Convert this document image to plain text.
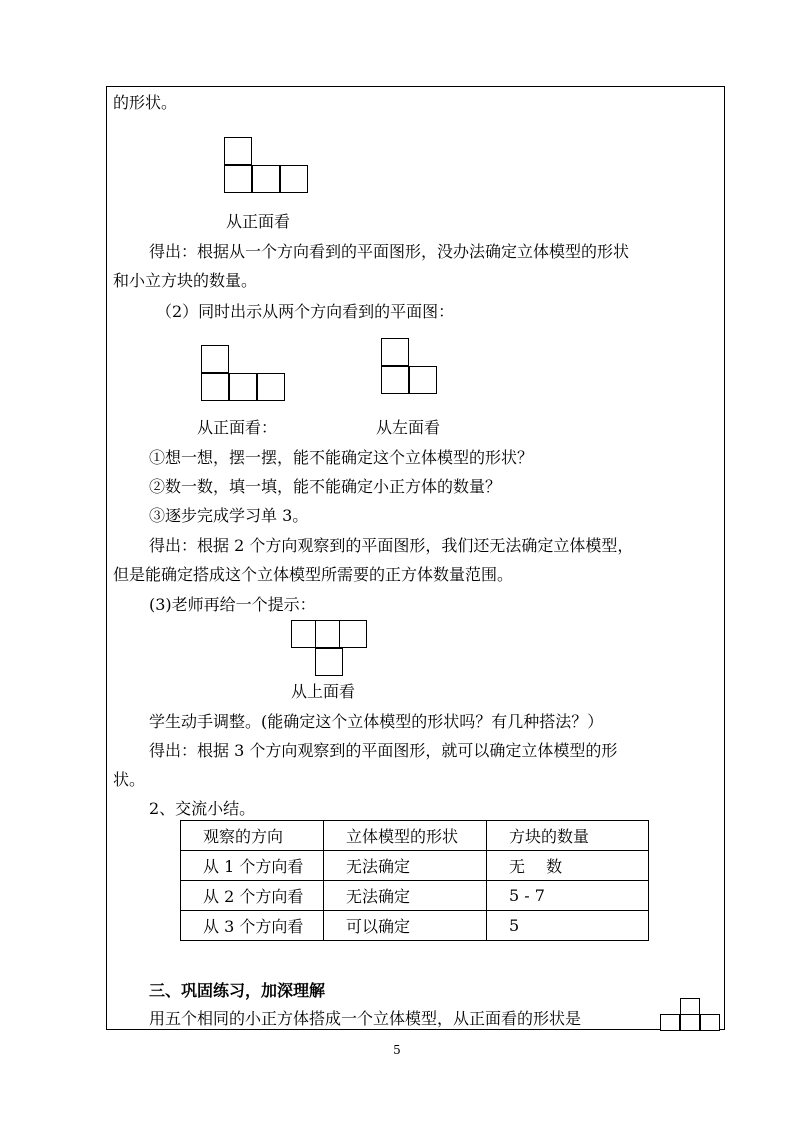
的形状。
从正面看
得出：根据从一个方向看到的平面图形，没办法确定立体模型的形状
和小立方块的数量。
（2）同时出示从两个方向看到的平面图：
从正面看：	从左面看
①想一想，摆一摆，能不能确定这个立体模型的形状？
②数一数，填一填，能不能确定小正方体的数量？
③逐步完成学习单 3。
得出：根据 2 个方向观察到的平面图形，我们还无法确定立体模型，
但是能确定搭成这个立体模型所需要的正方体数量范围。
(3)老师再给一个提示：
从上面看
学生动手调整。(能确定这个立体模型的形状吗？有几种搭法？）
得出：根据 3 个方向观察到的平面图形，就可以确定立体模型的形
状。
2、交流小结。
观察的方向	立体模型的形状	方块的数量
从 1 个方向看	无法确定	无　 数
从 2 个方向看	无法确定	5 - 7
从 3 个方向看	可以确定	5
三、巩固练习，加深理解
用五个相同的小正方体搭成一个立体模型，从正面看的形状是
5
